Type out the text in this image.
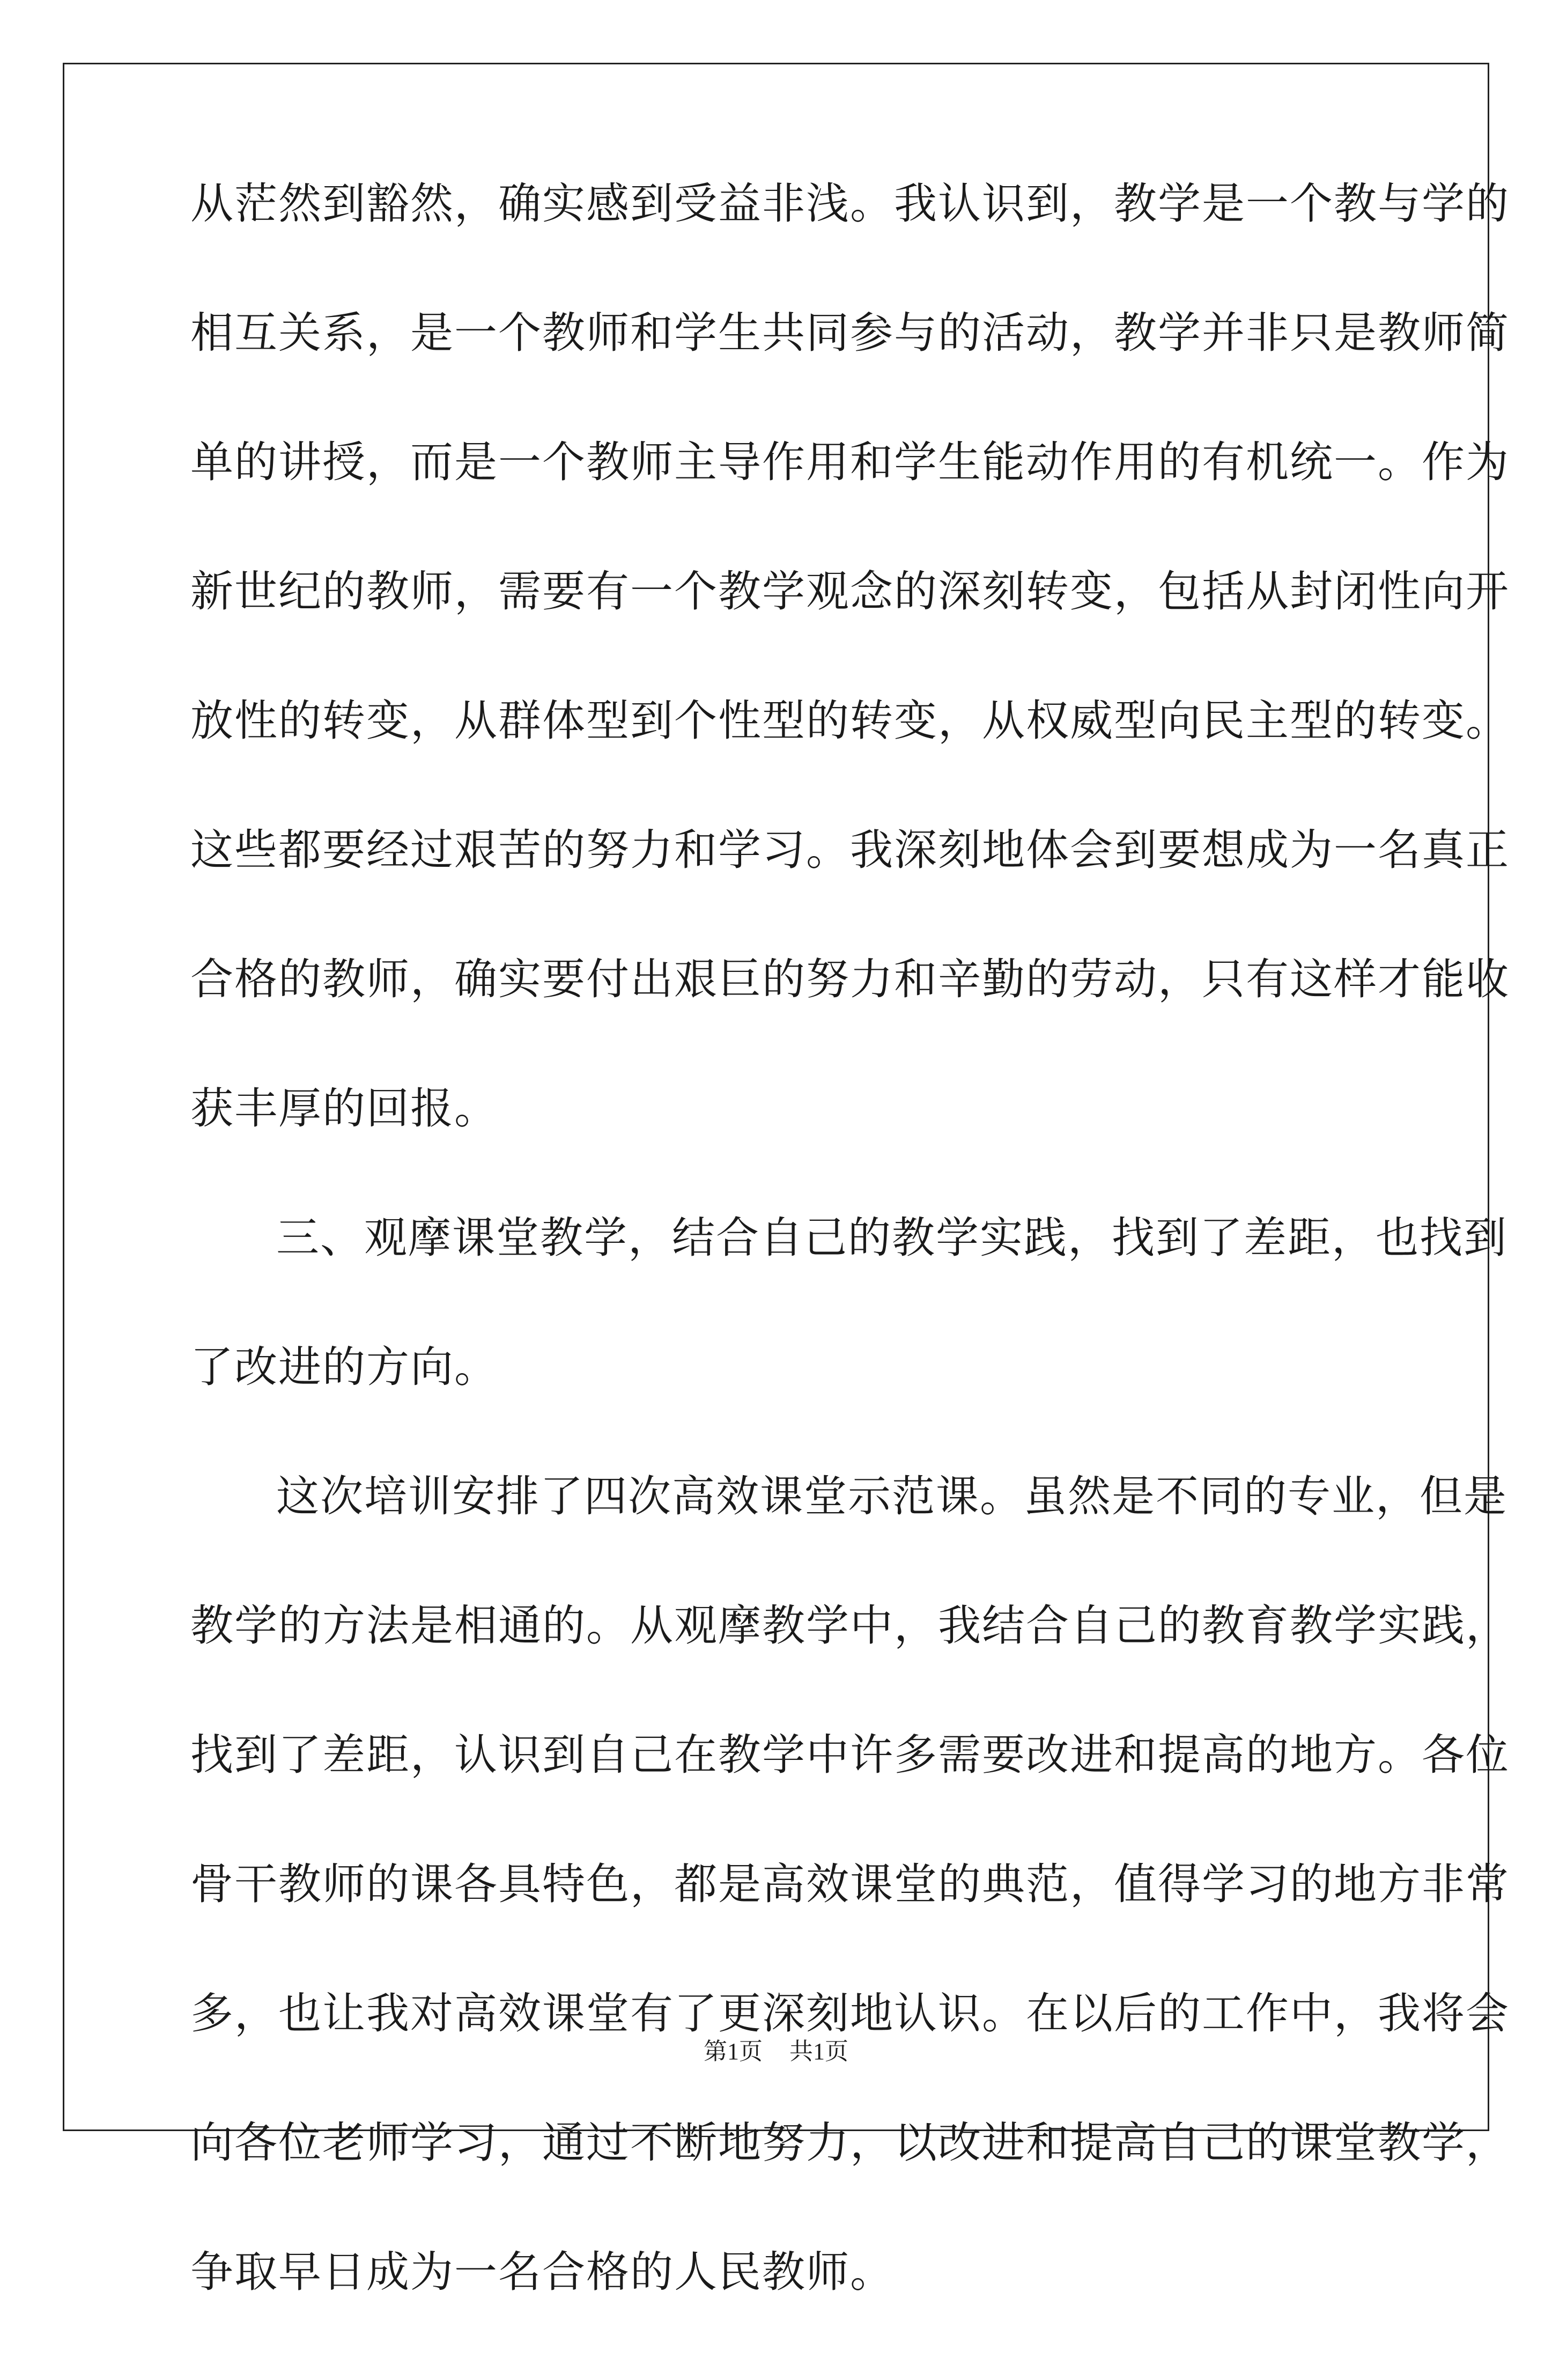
从茫然到豁然，确实感到受益非浅。我认识到，教学是一个教与学的
相互关系，是一个教师和学生共同参与的活动，教学并非只是教师简
单的讲授，而是一个教师主导作用和学生能动作用的有机统一。作为
新世纪的教师，需要有一个教学观念的深刻转变，包括从封闭性向开
放性的转变，从群体型到个性型的转变，从权威型向民主型的转变。
这些都要经过艰苦的努力和学习。我深刻地体会到要想成为一名真正
合格的教师，确实要付出艰巨的努力和辛勤的劳动，只有这样才能收
获丰厚的回报。
三、观摩课堂教学，结合自己的教学实践，找到了差距，也找到
了改进的方向。
这次培训安排了四次高效课堂示范课。虽然是不同的专业，但是
教学的方法是相通的。从观摩教学中，我结合自己的教育教学实践，
找到了差距，认识到自己在教学中许多需要改进和提高的地方。各位
骨干教师的课各具特色，都是高效课堂的典范，值得学习的地方非常
多，也让我对高效课堂有了更深刻地认识。在以后的工作中，我将会
向各位老师学习，通过不断地努力，以改进和提高自己的课堂教学，
争取早日成为一名合格的人民教师。
第1页 共1页
